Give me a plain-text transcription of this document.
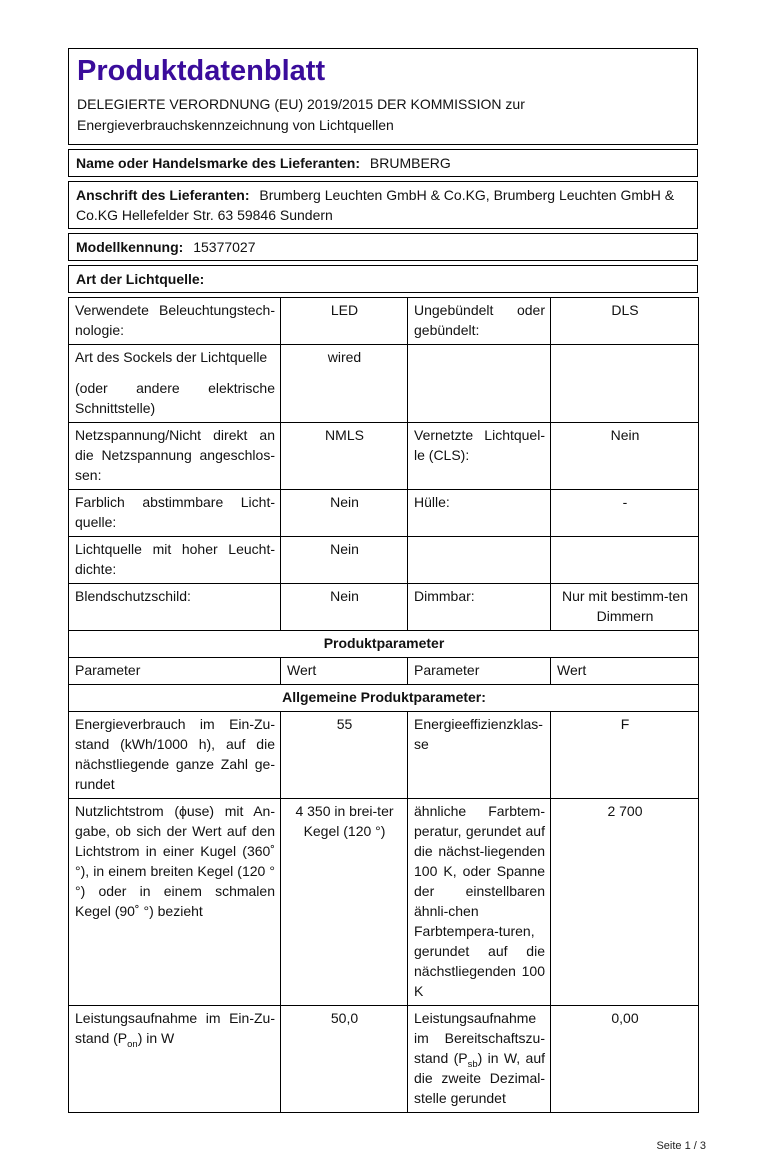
Produktdatenblatt

DELEGIERTE VERORDNUNG (EU) 2019/2015 DER KOMMISSION zur Energieverbrauchskennzeichnung von Lichtquellen

Name oder Handelsmarke des Lieferanten: BRUMBERG
Anschrift des Lieferanten: Brumberg Leuchten GmbH & Co.KG, Brumberg Leuchten GmbH & Co.KG Hellefelder Str. 63 59846 Sundern
Modellkennung: 15377027
Art der Lichtquelle:
Verwendete Beleuchtungstech-nologie:	LED	Ungebündelt oder gebündelt:	DLS

Art des Sockels der Lichtquelle
(oder andere elektrische Schnittstelle)	wired		
Netzspannung/Nicht direkt an die Netzspannung angeschlos-sen:	NMLS	Vernetzte Lichtquel-le (CLS):	Nein
Farblich abstimmbare Licht-quelle:	Nein	Hülle:	-
Lichtquelle mit hoher Leucht-dichte:	Nein		
Blendschutzschild:	Nein	Dimmbar:	Nur mit bestimm-ten Dimmern
Produktparameter			
Parameter	Wert	Parameter	Wert
Allgemeine Produktparameter:			
Energieverbrauch im Ein-Zu-stand (kWh/1000 h), auf die nächstliegende ganze Zahl ge-rundet	55	Energieeffizienzklas-se	F
Nutzlichtstrom (ϕuse) mit An-gabe, ob sich der Wert auf den Lichtstrom in einer Kugel (360˚ °), in einem breiten Kegel (120 °°) oder in einem schmalen Kegel (90˚ °) bezieht	4 350 in brei-ter Kegel (120 °)	ähnliche Farbtem-peratur, gerundet auf die nächst-liegenden 100 K, oder Spanne der einstellbaren ähnli-chen Farbtempera-turen, gerundet auf die nächstliegenden 100 K	2 700
Leistungsaufnahme im Ein-Zu-stand $(P_{on})$ in W	50,0	Leistungsaufnahme im Bereitschaftszu-stand $(P_{sb})$ in W, auf die zweite Dezimal-stelle gerundet	0,00
Seite 1 / 3
